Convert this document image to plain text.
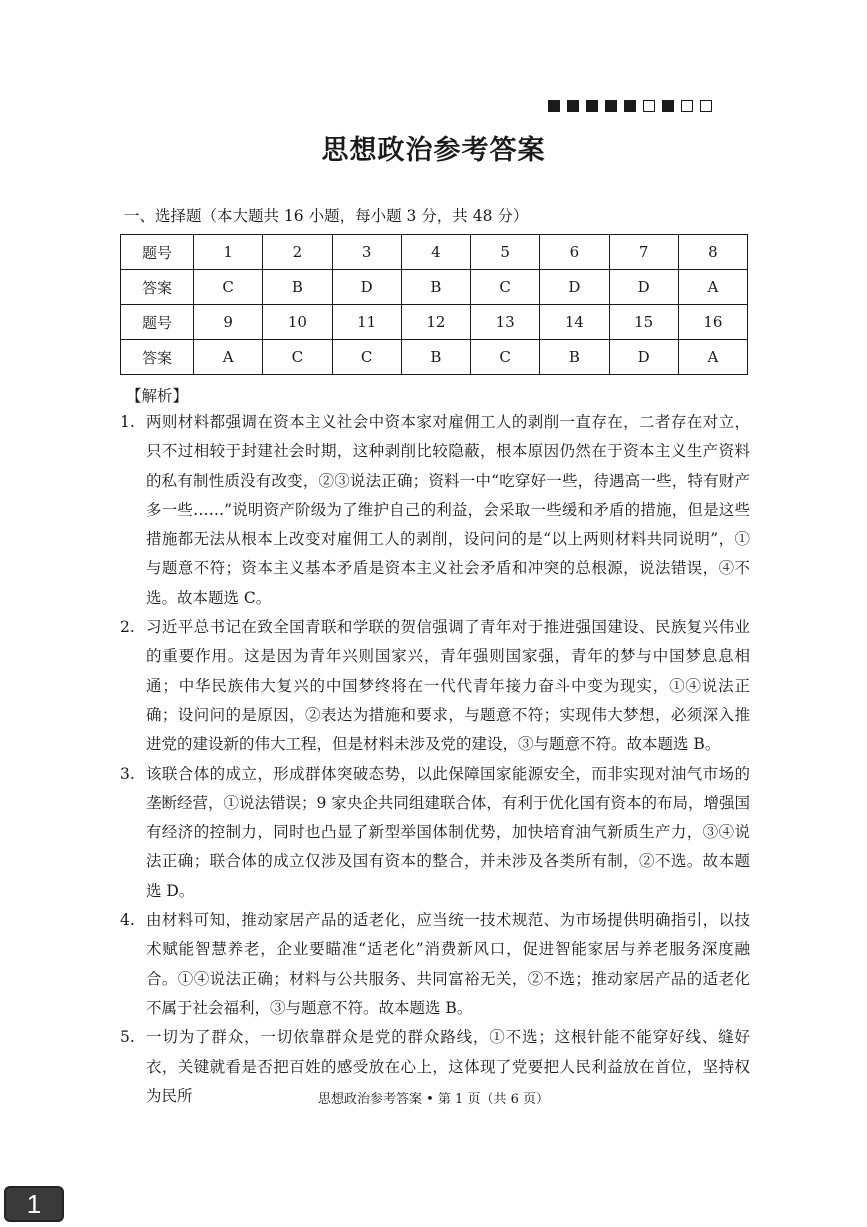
思想政治参考答案
一、选择题（本大题共 16 小题，每小题 3 分，共 48 分）
题号	1	2	3	4	5	6	7	8
答案	C	B	D	B	C	D	D	A
题号	9	10	11	12	13	14	15	16
答案	A	C	C	B	C	B	D	A
【解析】
1. 两则材料都强调在资本主义社会中资本家对雇佣工人的剥削一直存在，二者存在对立，只不过相较于封建社会时期，这种剥削比较隐蔽，根本原因仍然在于资本主义生产资料的私有制性质没有改变，②③说法正确；资料一中“吃穿好一些，待遇高一些，特有财产多一些……”说明资产阶级为了维护自己的利益，会采取一些缓和矛盾的措施，但是这些措施都无法从根本上改变对雇佣工人的剥削，设问问的是“以上两则材料共同说明”，①与题意不符；资本主义基本矛盾是资本主义社会矛盾和冲突的总根源，说法错误，④不选。故本题选 C。
2. 习近平总书记在致全国青联和学联的贺信强调了青年对于推进强国建设、民族复兴伟业的重要作用。这是因为青年兴则国家兴，青年强则国家强，青年的梦与中国梦息息相通；中华民族伟大复兴的中国梦终将在一代代青年接力奋斗中变为现实，①④说法正确；设问问的是原因，②表达为措施和要求，与题意不符；实现伟大梦想，必须深入推进党的建设新的伟大工程，但是材料未涉及党的建设，③与题意不符。故本题选 B。
3. 该联合体的成立，形成群体突破态势，以此保障国家能源安全，而非实现对油气市场的垄断经营，①说法错误；9 家央企共同组建联合体，有利于优化国有资本的布局，增强国有经济的控制力，同时也凸显了新型举国体制优势，加快培育油气新质生产力，③④说法正确；联合体的成立仅涉及国有资本的整合，并未涉及各类所有制，②不选。故本题选 D。
4. 由材料可知，推动家居产品的适老化，应当统一技术规范、为市场提供明确指引，以技术赋能智慧养老，企业要瞄准“适老化”消费新风口，促进智能家居与养老服务深度融合。①④说法正确；材料与公共服务、共同富裕无关，②不选；推动家居产品的适老化不属于社会福利，③与题意不符。故本题选 B。
5. 一切为了群众，一切依靠群众是党的群众路线，①不选；这根针能不能穿好线、缝好衣，关键就看是否把百姓的感受放在心上，这体现了党要把人民利益放在首位，坚持权为民所	思想政治参考答案 • 第 1 页（共 6 页）
1
